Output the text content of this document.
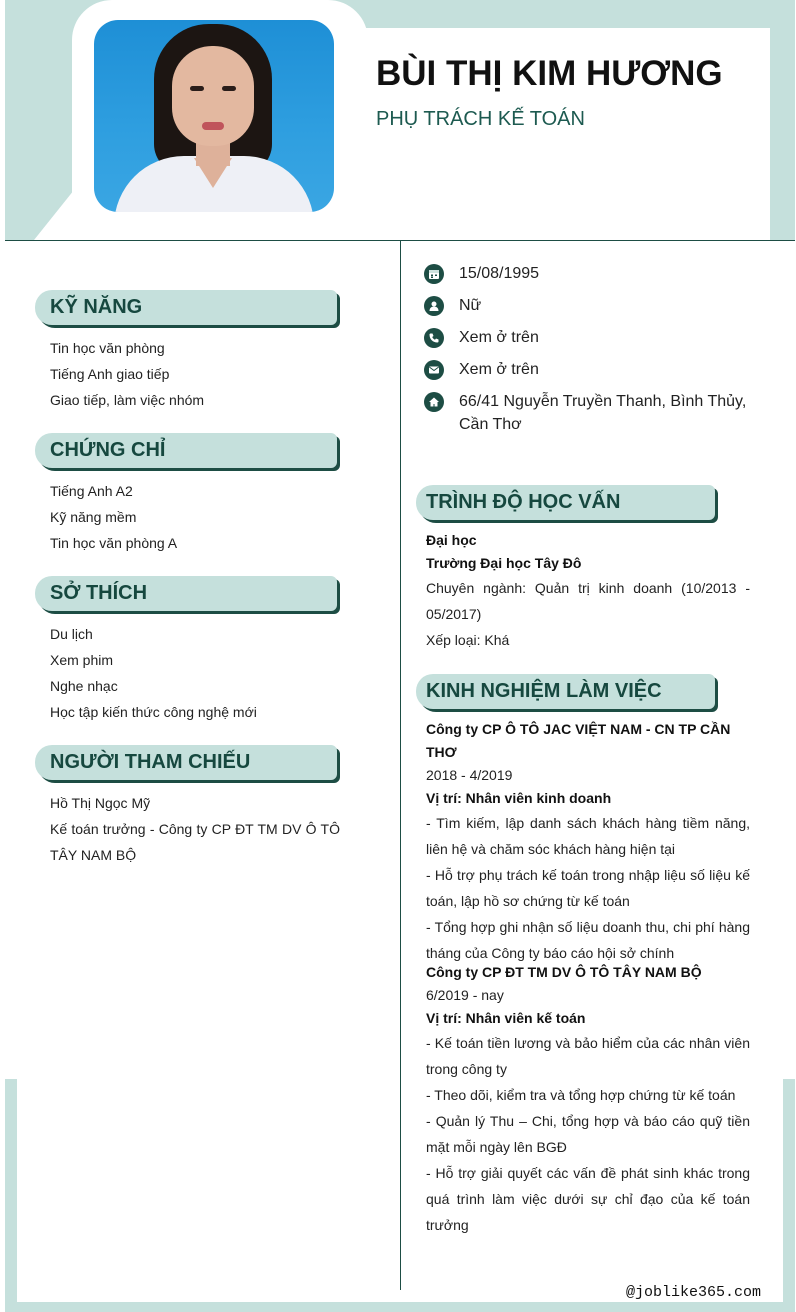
BÙI THỊ KIM HƯƠNG
PHỤ TRÁCH KẾ TOÁN
KỸ NĂNG
Tin học văn phòng
Tiếng Anh giao tiếp
Giao tiếp, làm việc nhóm
CHỨNG CHỈ
Tiếng Anh A2
Kỹ năng mềm
Tin học văn phòng A
SỞ THÍCH
Du lịch
Xem phim
Nghe nhạc
Học tập kiến thức công nghệ mới
NGƯỜI THAM CHIẾU
Hồ Thị Ngọc Mỹ
Kế toán trưởng - Công ty CP ĐT TM DV Ô TÔ TÂY NAM BỘ
15/08/1995
Nữ
Xem ở trên
Xem ở trên
66/41 Nguyễn Truyền Thanh, Bình Thủy, Cần Thơ
TRÌNH ĐỘ HỌC VẤN
Đại học
Trường Đại học Tây Đô
Chuyên ngành: Quản trị kinh doanh (10/2013 - 05/2017)
Xếp loại: Khá
KINH NGHIỆM LÀM VIỆC
Công ty CP Ô TÔ JAC VIỆT NAM - CN TP CẦN THƠ
2018 - 4/2019
Vị trí: Nhân viên kinh doanh
- Tìm kiếm, lập danh sách khách hàng tiềm năng, liên hệ và chăm sóc khách hàng hiện tại
- Hỗ trợ phụ trách kế toán trong nhập liệu số liệu kế toán, lập hồ sơ chứng từ kế toán
- Tổng hợp ghi nhận số liệu doanh thu, chi phí hàng tháng của Công ty báo cáo hội sở chính
Công ty CP ĐT TM DV Ô TÔ TÂY NAM BỘ
6/2019 - nay
Vị trí: Nhân viên kế toán
- Kế toán tiền lương và bảo hiểm của các nhân viên trong công ty
- Theo dõi, kiểm tra và tổng hợp chứng từ kế toán
- Quản lý Thu – Chi, tổng hợp và báo cáo quỹ tiền mặt mỗi ngày lên BGĐ
- Hỗ trợ giải quyết các vấn đề phát sinh khác trong quá trình làm việc dưới sự chỉ đạo của kế toán trưởng
@joblike365.com
